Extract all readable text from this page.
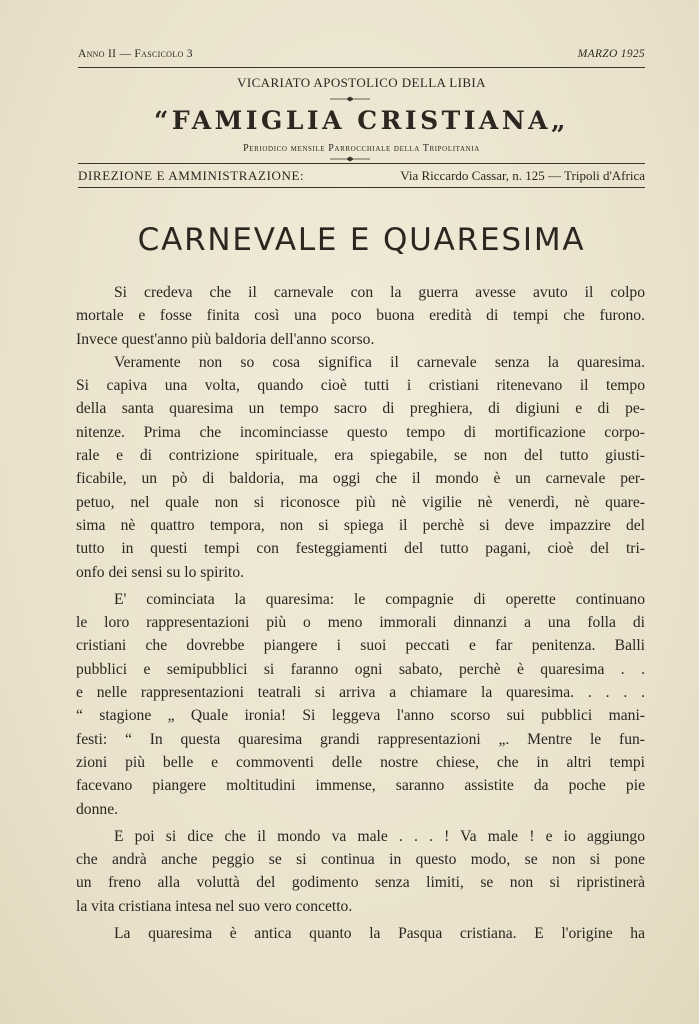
Anno II — Fascicolo 3	MARZO 1925
VICARIATO APOSTOLICO DELLA LIBIA
“FAMIGLIA CRISTIANA„
Periodico mensile Parrocchiale della Tripolitania
DIREZIONE E AMMINISTRAZIONE:	Via Riccardo Cassar, n. 125 — Tripoli d'Africa
CARNEVALE E QUARESIMA
Si credeva che il carnevale con la guerra avesse avuto il colpo
mortale e fosse finita così una poco buona eredità di tempi che furono.
Invece quest'anno più baldoria dell'anno scorso.
Veramente non so cosa significa il carnevale senza la quaresima.
Si capiva una volta, quando cioè tutti i cristiani ritenevano il tempo
della santa quaresima un tempo sacro di preghiera, di digiuni e di pe-
nitenze. Prima che incominciasse questo tempo di mortificazione corpo-
rale e di contrizione spirituale, era spiegabile, se non del tutto giusti-
ficabile, un pò di baldoria, ma oggi che il mondo è un carnevale per-
petuo, nel quale non si riconosce più nè vigilie nè venerdì, nè quare-
sima nè quattro tempora, non si spiega il perchè si deve impazzire del
tutto in questi tempi con festeggiamenti del tutto pagani, cioè del tri-
onfo dei sensi su lo spirito.
E' cominciata la quaresima: le compagnie di operette continuano
le loro rappresentazioni più o meno immorali dinnanzi a una folla di
cristiani che dovrebbe piangere i suoi peccati e far penitenza. Balli
pubblici e semipubblici si faranno ogni sabato, perchè è quaresima . .
e nelle rappresentazioni teatrali si arriva a chiamare la quaresima. . . . .
“ stagione „ Quale ironia! Si leggeva l'anno scorso sui pubblici mani-
festi: “ In questa quaresima grandi rappresentazioni „. Mentre le fun-
zioni più belle e commoventi delle nostre chiese, che in altri tempi
facevano piangere moltitudini immense, saranno assistite da poche pie
donne.
E poi si dice che il mondo va male . . . ! Va male ! e io aggiungo
che andrà anche peggio se si continua in questo modo, se non si pone
un freno alla voluttà del godimento senza limiti, se non si ripristinerà
la vita cristiana intesa nel suo vero concetto.
La quaresima è antica quanto la Pasqua cristiana. E l'origine ha
